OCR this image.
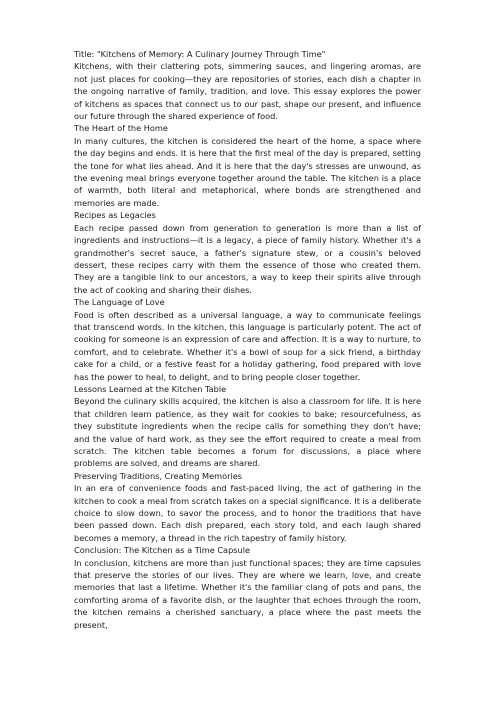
Title: "Kitchens of Memory: A Culinary Journey Through Time"

Kitchens, with their clattering pots, simmering sauces, and lingering aromas, are not just places for cooking—they are repositories of stories, each dish a chapter in the ongoing narrative of family, tradition, and love. This essay explores the power of kitchens as spaces that connect us to our past, shape our present, and influence our future through the shared experience of food.

The Heart of the Home

In many cultures, the kitchen is considered the heart of the home, a space where the day begins and ends. It is here that the first meal of the day is prepared, setting the tone for what lies ahead. And it is here that the day's stresses are unwound, as the evening meal brings everyone together around the table. The kitchen is a place of warmth, both literal and metaphorical, where bonds are strengthened and memories are made.

Recipes as Legacies

Each recipe passed down from generation to generation is more than a list of ingredients and instructions—it is a legacy, a piece of family history. Whether it's a grandmother's secret sauce, a father's signature stew, or a cousin's beloved dessert, these recipes carry with them the essence of those who created them. They are a tangible link to our ancestors, a way to keep their spirits alive through the act of cooking and sharing their dishes.

The Language of Love

Food is often described as a universal language, a way to communicate feelings that transcend words. In the kitchen, this language is particularly potent. The act of cooking for someone is an expression of care and affection. It is a way to nurture, to comfort, and to celebrate. Whether it's a bowl of soup for a sick friend, a birthday cake for a child, or a festive feast for a holiday gathering, food prepared with love has the power to heal, to delight, and to bring people closer together.

Lessons Learned at the Kitchen Table

Beyond the culinary skills acquired, the kitchen is also a classroom for life. It is here that children learn patience, as they wait for cookies to bake; resourcefulness, as they substitute ingredients when the recipe calls for something they don't have; and the value of hard work, as they see the effort required to create a meal from scratch. The kitchen table becomes a forum for discussions, a place where problems are solved, and dreams are shared.

Preserving Traditions, Creating Memories

In an era of convenience foods and fast-paced living, the act of gathering in the kitchen to cook a meal from scratch takes on a special significance. It is a deliberate choice to slow down, to savor the process, and to honor the traditions that have been passed down. Each dish prepared, each story told, and each laugh shared becomes a memory, a thread in the rich tapestry of family history.

Conclusion: The Kitchen as a Time Capsule

In conclusion, kitchens are more than just functional spaces; they are time capsules that preserve the stories of our lives. They are where we learn, love, and create memories that last a lifetime. Whether it's the familiar clang of pots and pans, the comforting aroma of a favorite dish, or the laughter that echoes through the room, the kitchen remains a cherished sanctuary, a place where the past meets the present,
